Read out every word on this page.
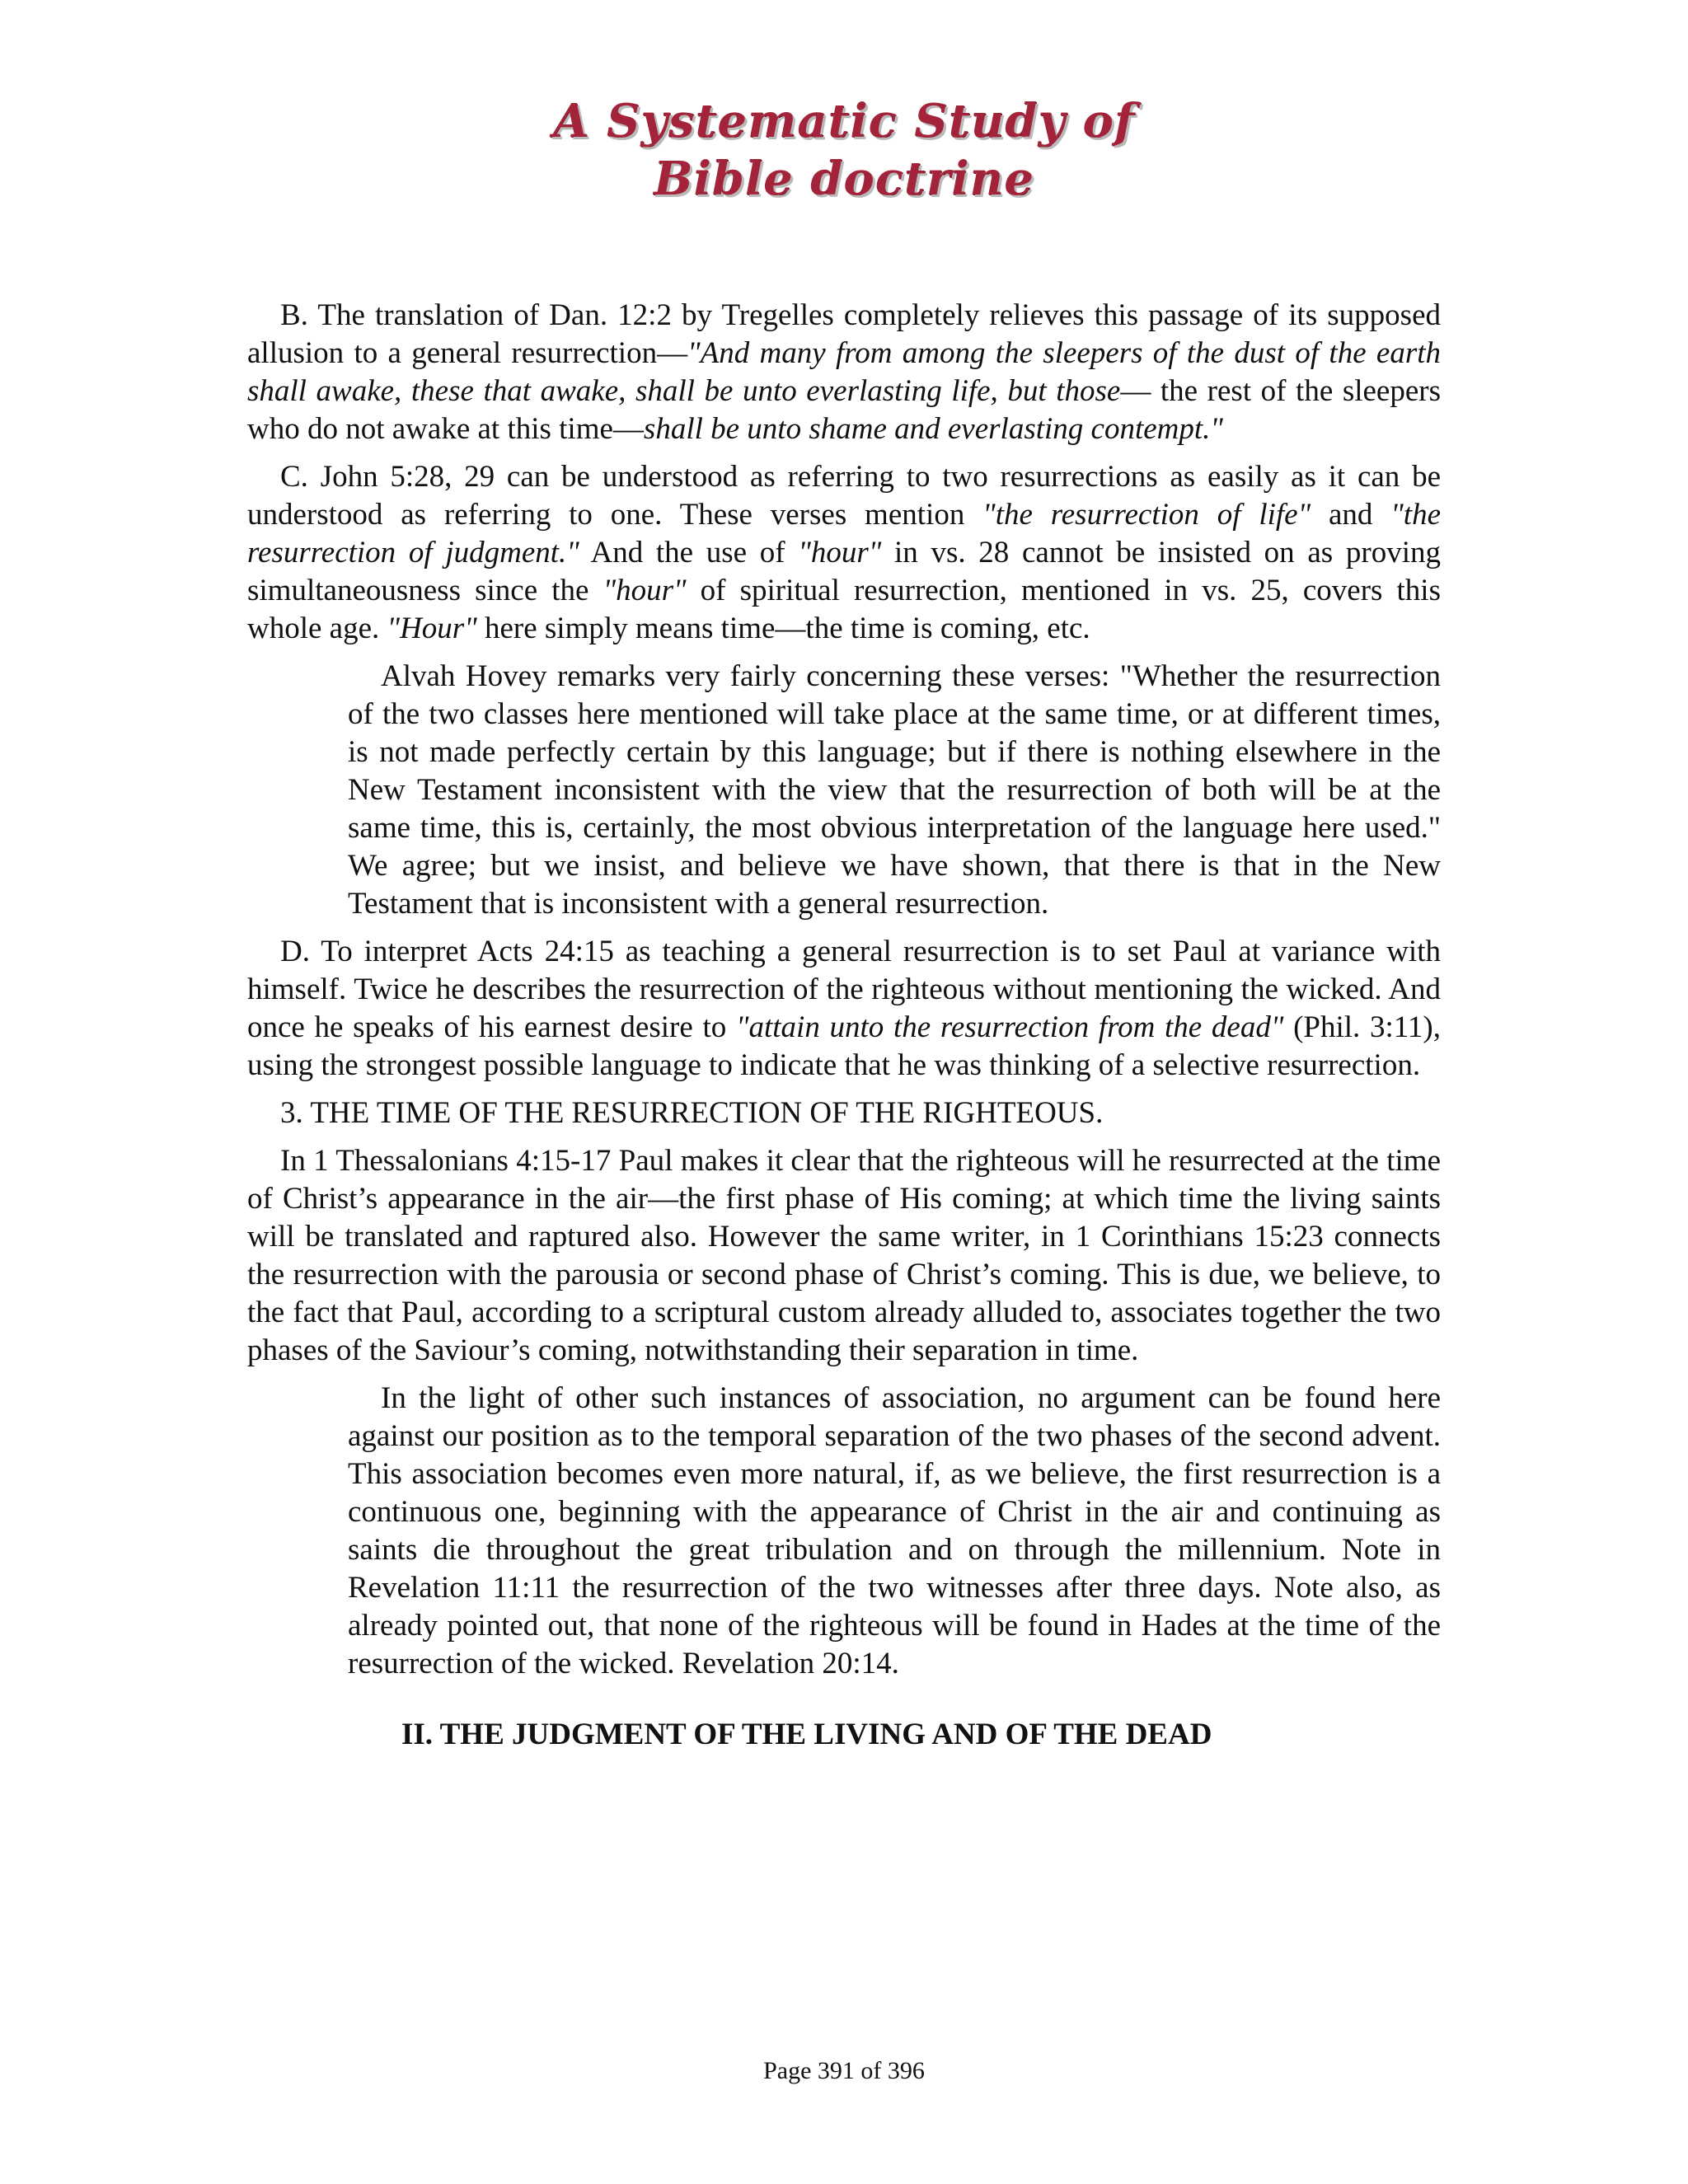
A Systematic Study of
Bible doctrine

B. The translation of Dan. 12:2 by Tregelles completely relieves this passage of its supposed allusion to a general resurrection—"And many from among the sleepers of the dust of the earth shall awake, these that awake, shall be unto everlasting life, but those— the rest of the sleepers who do not awake at this time—shall be unto shame and everlasting contempt."

C. John 5:28, 29 can be understood as referring to two resurrections as easily as it can be understood as referring to one. These verses mention "the resurrection of life" and "the resurrection of judgment." And the use of "hour" in vs. 28 cannot be insisted on as proving simultaneousness since the "hour" of spiritual resurrection, mentioned in vs. 25, covers this whole age. "Hour" here simply means time—the time is coming, etc.

Alvah Hovey remarks very fairly concerning these verses: "Whether the resurrection of the two classes here mentioned will take place at the same time, or at different times, is not made perfectly certain by this language; but if there is nothing elsewhere in the New Testament inconsistent with the view that the resurrection of both will be at the same time, this is, certainly, the most obvious interpretation of the language here used." We agree; but we insist, and believe we have shown, that there is that in the New Testament that is inconsistent with a general resurrection.

D. To interpret Acts 24:15 as teaching a general resurrection is to set Paul at variance with himself. Twice he describes the resurrection of the righteous without mentioning the wicked. And once he speaks of his earnest desire to "attain unto the resurrection from the dead" (Phil. 3:11), using the strongest possible language to indicate that he was thinking of a selective resurrection.

3. THE TIME OF THE RESURRECTION OF THE RIGHTEOUS.

In 1 Thessalonians 4:15-17 Paul makes it clear that the righteous will he resurrected at the time of Christ’s appearance in the air—the first phase of His coming; at which time the living saints will be translated and raptured also. However the same writer, in 1 Corinthians 15:23 connects the resurrection with the parousia or second phase of Christ’s coming. This is due, we believe, to the fact that Paul, according to a scriptural custom already alluded to, associates together the two phases of the Saviour’s coming, notwithstanding their separation in time.

In the light of other such instances of association, no argument can be found here against our position as to the temporal separation of the two phases of the second advent. This association becomes even more natural, if, as we believe, the first resurrection is a continuous one, beginning with the appearance of Christ in the air and continuing as saints die throughout the great tribulation and on through the millennium. Note in Revelation 11:11 the resurrection of the two witnesses after three days. Note also, as already pointed out, that none of the righteous will be found in Hades at the time of the resurrection of the wicked. Revelation 20:14.

II. THE JUDGMENT OF THE LIVING AND OF THE DEAD
Page 391 of 396
